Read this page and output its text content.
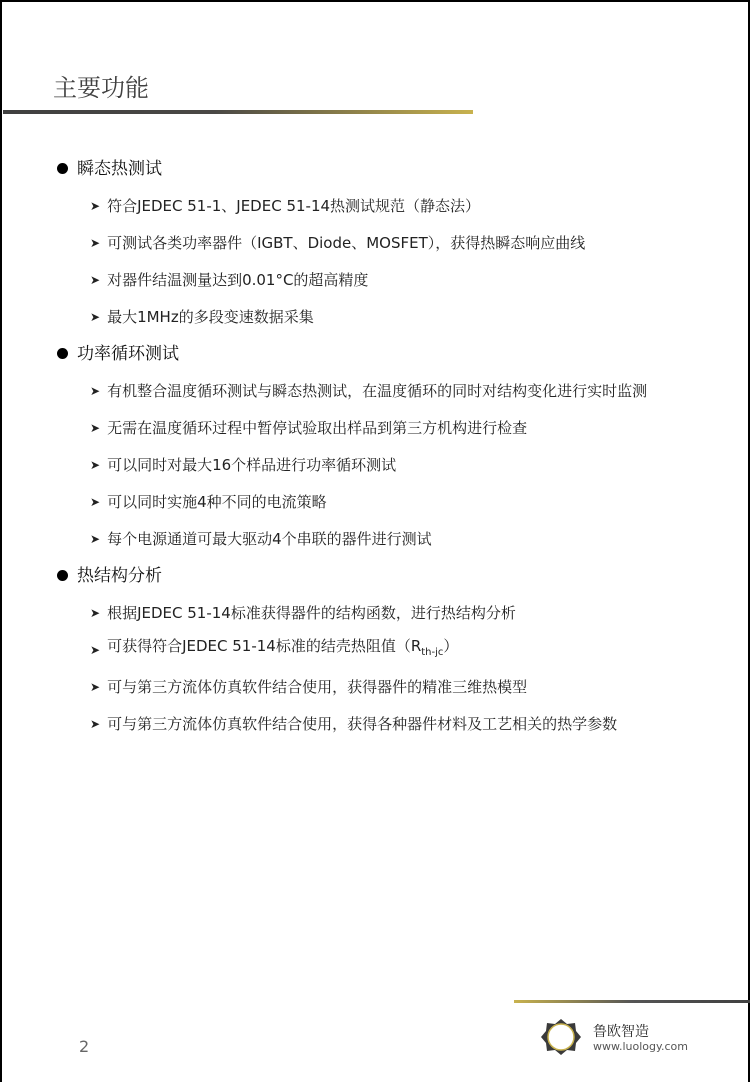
主要功能
瞬态热测试
➤ 符合JEDEC 51-1、JEDEC 51-14热测试规范（静态法）
➤ 可测试各类功率器件（IGBT、Diode、MOSFET），获得热瞬态响应曲线
➤ 对器件结温测量达到0.01°C的超高精度
➤ 最大1MHz的多段变速数据采集
功率循环测试
➤ 有机整合温度循环测试与瞬态热测试，在温度循环的同时对结构变化进行实时监测
➤ 无需在温度循环过程中暂停试验取出样品到第三方机构进行检查
➤ 可以同时对最大16个样品进行功率循环测试
➤ 可以同时实施4种不同的电流策略
➤ 每个电源通道可最大驱动4个串联的器件进行测试
热结构分析
➤ 根据JEDEC 51-14标准获得器件的结构函数，进行热结构分析
➤ 可获得符合JEDEC 51-14标准的结壳热阻值$(R_{th-jc})$
➤ 可与第三方流体仿真软件结合使用，获得器件的精准三维热模型
➤ 可与第三方流体仿真软件结合使用，获得各种器件材料及工艺相关的热学参数
2
鲁欧智造
www.luology.com
